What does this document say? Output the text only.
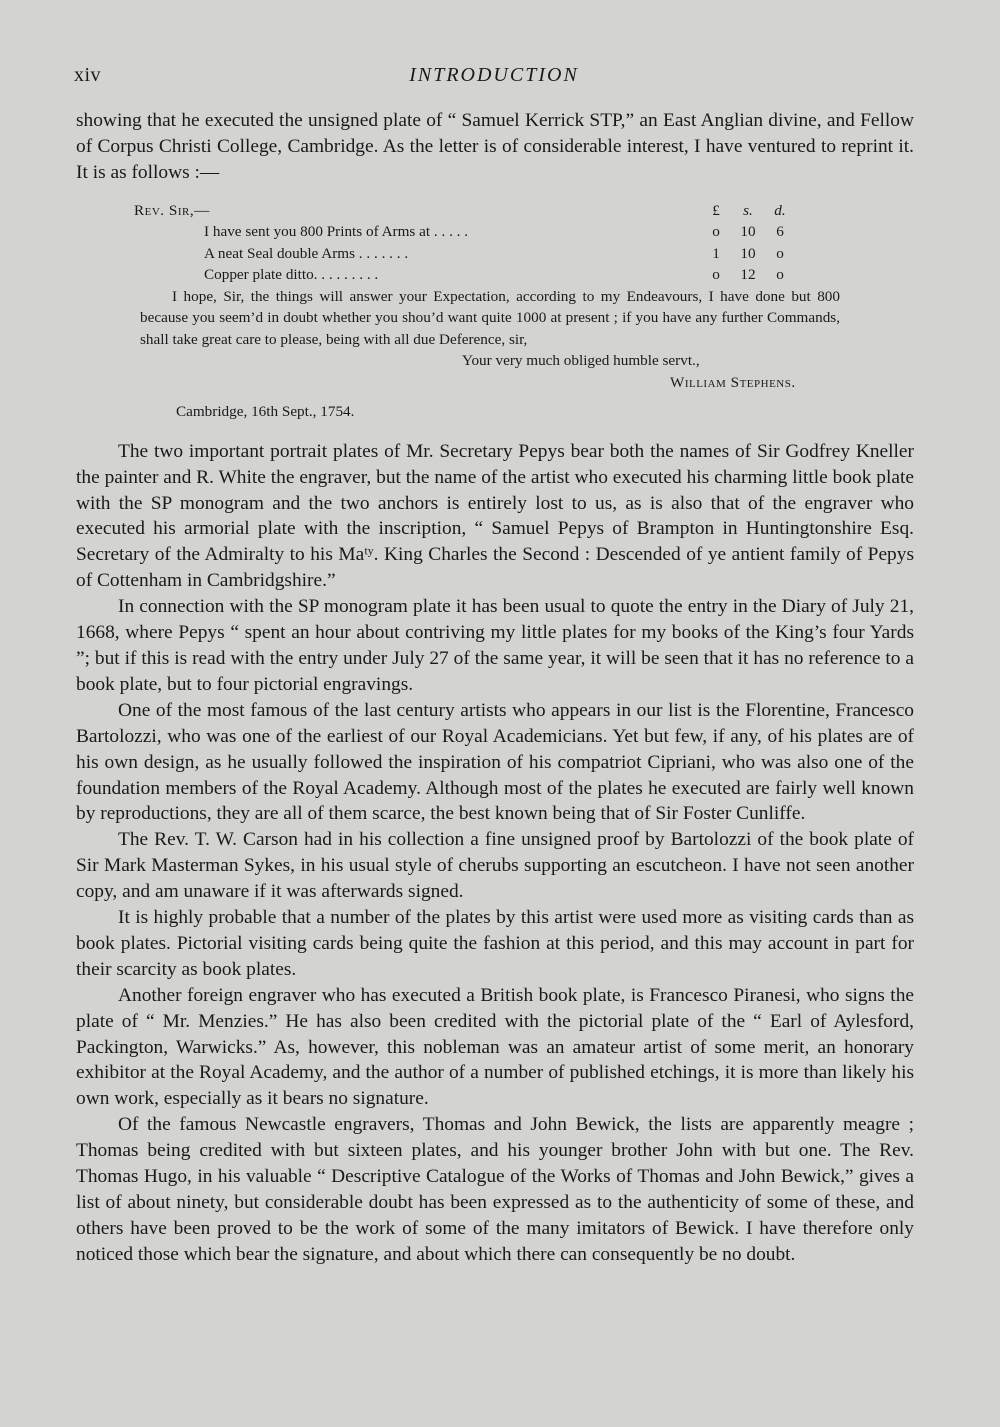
xiv	INTRODUCTION

showing that he executed the unsigned plate of “ Samuel Kerrick STP,” an East Anglian divine, and Fellow of Corpus Christi College, Cambridge. As the letter is of considerable interest, I have ventured to reprint it. It is as follows :—

Rev. Sir,—	£ s. d.
I have sent you 800 Prints of Arms at . . . . .	o 10 6
A neat Seal double Arms . . . . . . .	1 10 o
Copper plate ditto. . . . . . . . .	o 12 o

I hope, Sir, the things will answer your Expectation, according to my Endeavours, I have done but 800 because you seem’d in doubt whether you shou’d want quite 1000 at present ; if you have any further Commands, shall take great care to please, being with all due Deference, sir,

Your very much obliged humble servt.,
William Stephens.
Cambridge, 16th Sept., 1754.

The two important portrait plates of Mr. Secretary Pepys bear both the names of Sir Godfrey Kneller the painter and R. White the engraver, but the name of the artist who executed his charming little book plate with the SP monogram and the two anchors is entirely lost to us, as is also that of the engraver who executed his armorial plate with the inscription, “ Samuel Pepys of Brampton in Huntingtonshire Esq. Secretary of the Admiralty to his Maᵗʸ. King Charles the Second : Descended of ye antient family of Pepys of Cottenham in Cambridgshire.”

In connection with the SP monogram plate it has been usual to quote the entry in the Diary of July 21, 1668, where Pepys “ spent an hour about contriving my little plates for my books of the King’s four Yards ”; but if this is read with the entry under July 27 of the same year, it will be seen that it has no reference to a book plate, but to four pictorial engravings.

One of the most famous of the last century artists who appears in our list is the Florentine, Francesco Bartolozzi, who was one of the earliest of our Royal Academicians. Yet but few, if any, of his plates are of his own design, as he usually followed the inspiration of his compatriot Cipriani, who was also one of the foundation members of the Royal Academy. Although most of the plates he executed are fairly well known by reproductions, they are all of them scarce, the best known being that of Sir Foster Cunliffe.

The Rev. T. W. Carson had in his collection a fine unsigned proof by Bartolozzi of the book plate of Sir Mark Masterman Sykes, in his usual style of cherubs supporting an escutcheon. I have not seen another copy, and am unaware if it was afterwards signed.

It is highly probable that a number of the plates by this artist were used more as visiting cards than as book plates. Pictorial visiting cards being quite the fashion at this period, and this may account in part for their scarcity as book plates.

Another foreign engraver who has executed a British book plate, is Francesco Piranesi, who signs the plate of “ Mr. Menzies.” He has also been credited with the pictorial plate of the “ Earl of Aylesford, Packington, Warwicks.” As, however, this nobleman was an amateur artist of some merit, an honorary exhibitor at the Royal Academy, and the author of a number of published etchings, it is more than likely his own work, especially as it bears no signature.

Of the famous Newcastle engravers, Thomas and John Bewick, the lists are apparently meagre ; Thomas being credited with but sixteen plates, and his younger brother John with but one. The Rev. Thomas Hugo, in his valuable “ Descriptive Catalogue of the Works of Thomas and John Bewick,” gives a list of about ninety, but considerable doubt has been expressed as to the authenticity of some of these, and others have been proved to be the work of some of the many imitators of Bewick. I have therefore only noticed those which bear the signature, and about which there can consequently be no doubt.
